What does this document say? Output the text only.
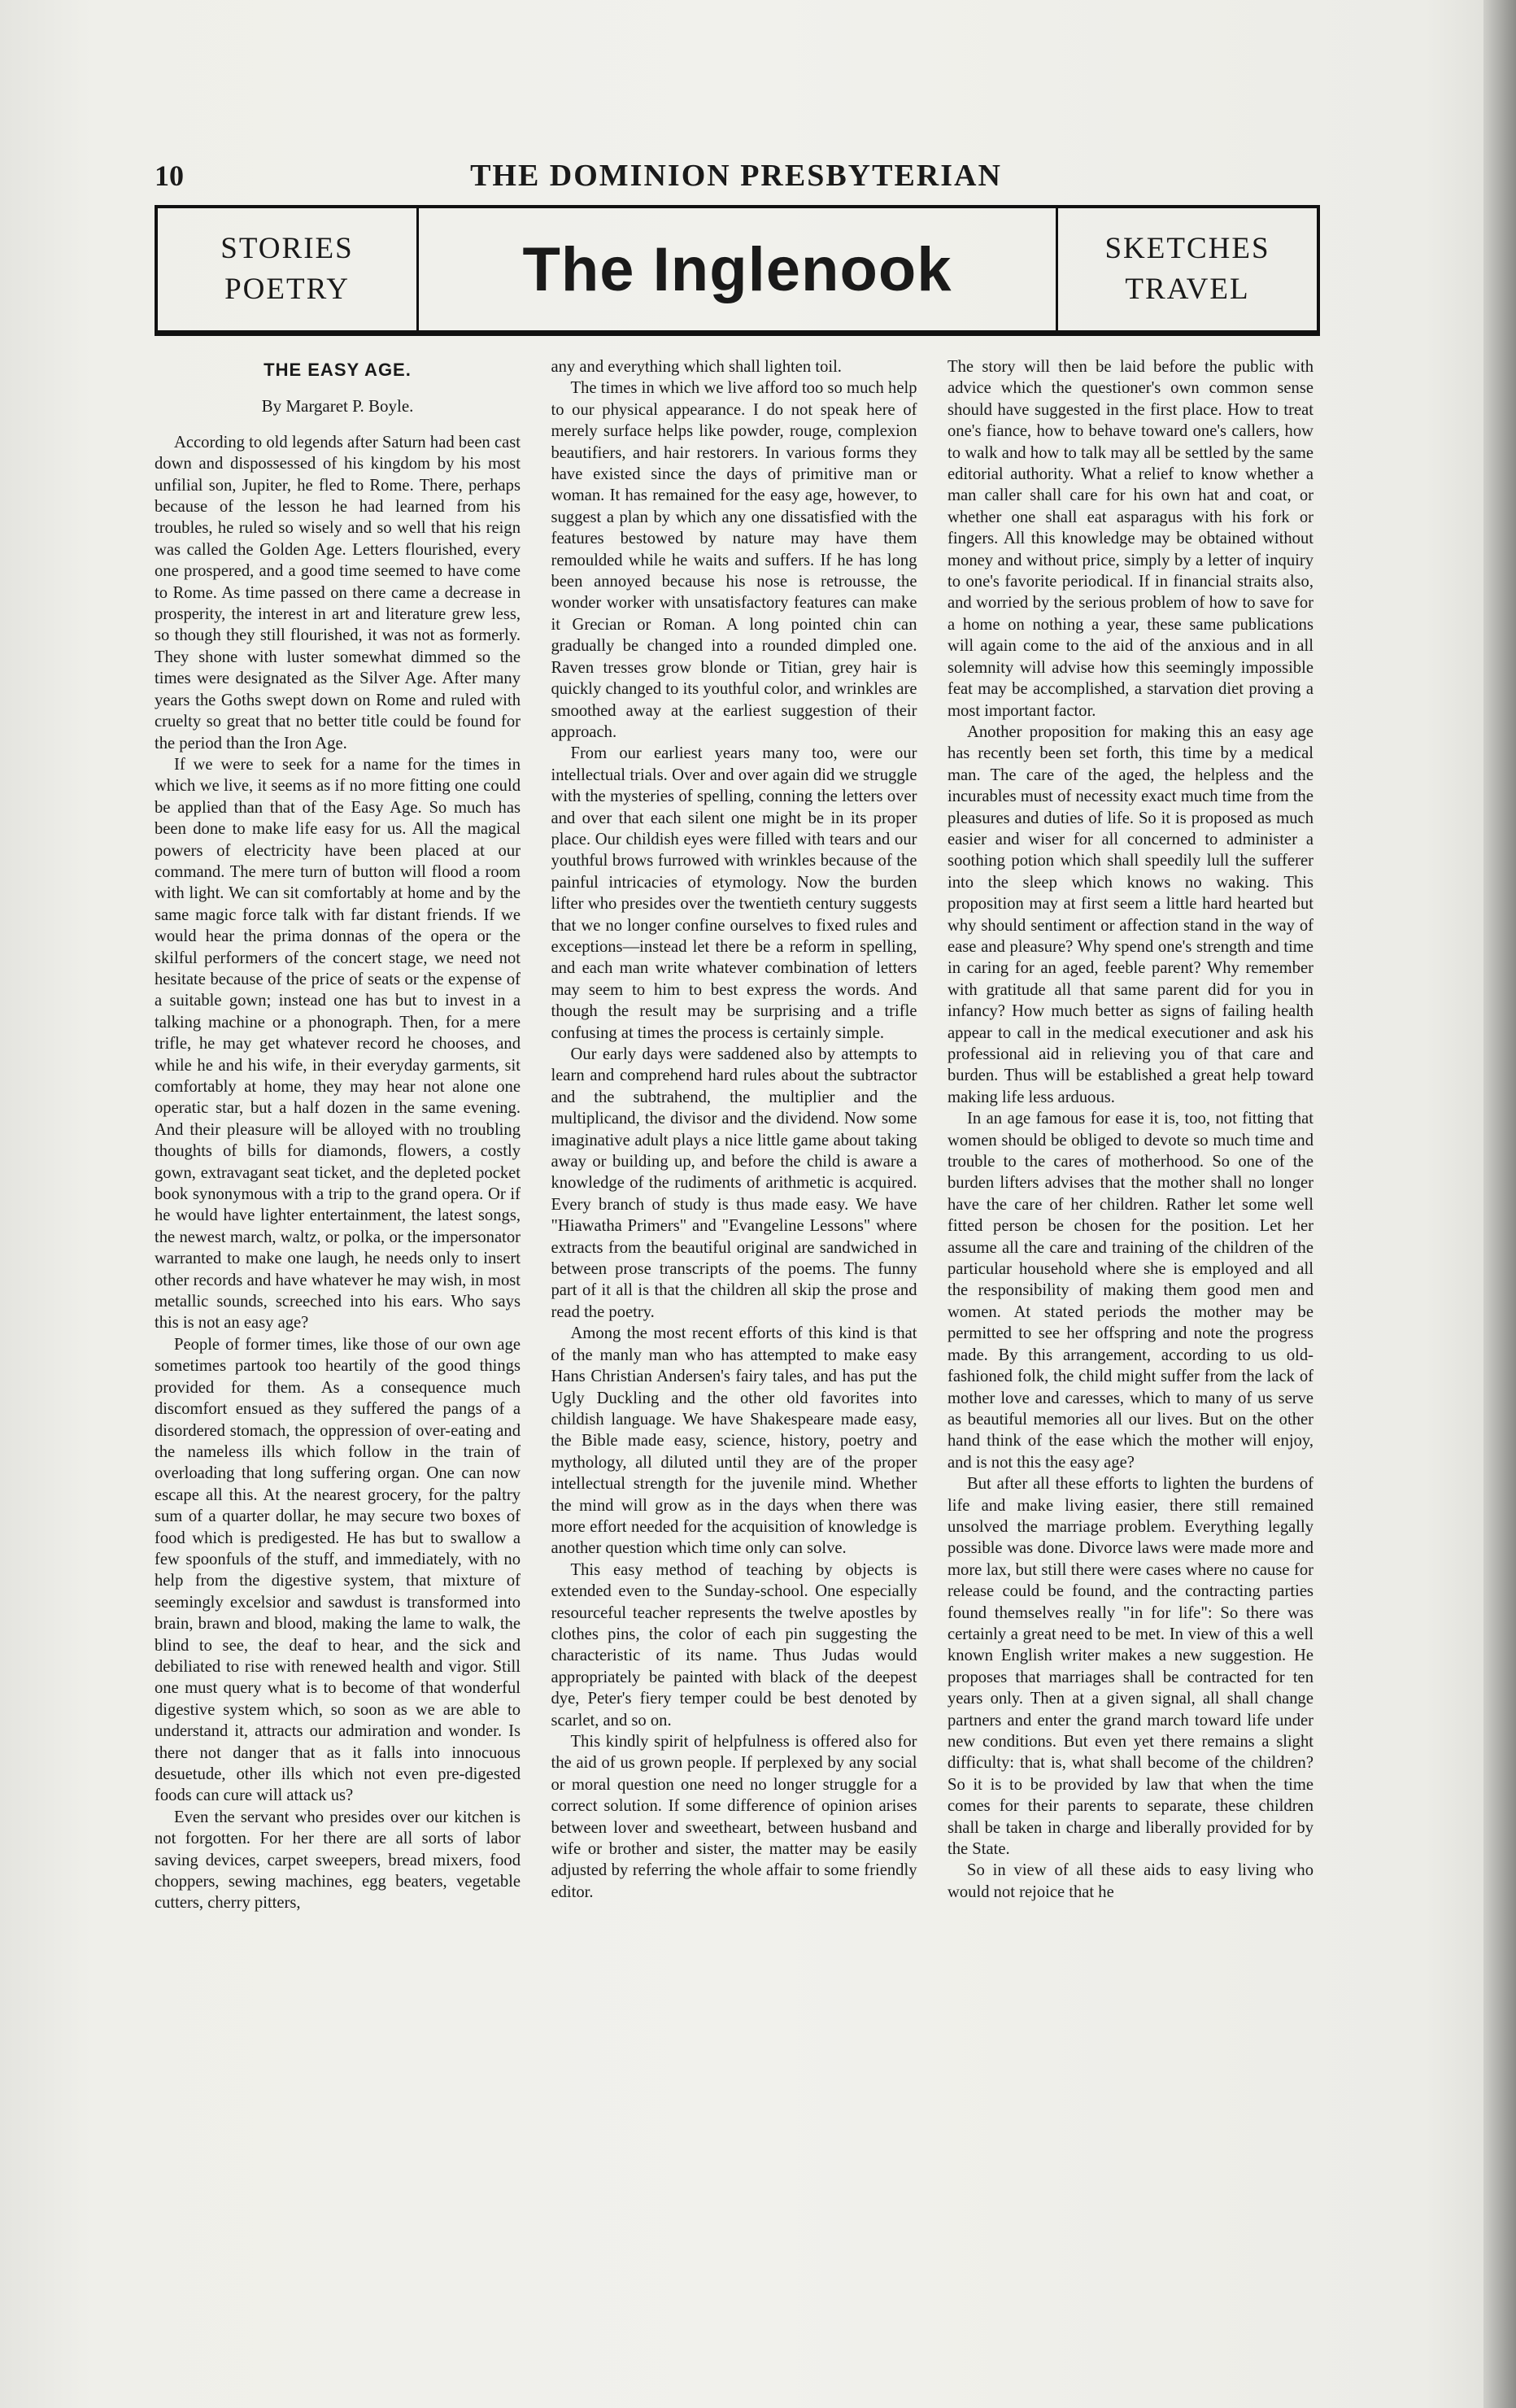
10	THE DOMINION PRESBYTERIAN
STORIES
POETRY	The Inglenook	SKETCHES
TRAVEL
THE EASY AGE.
By Margaret P. Boyle.

According to old legends after Saturn had been cast down and dispossessed of his kingdom by his most unfilial son, Jupiter, he fled to Rome. There, perhaps because of the lesson he had learned from his troubles, he ruled so wisely and so well that his reign was called the Golden Age. Letters flourished, every one prospered, and a good time seemed to have come to Rome. As time passed on there came a decrease in prosperity, the interest in art and literature grew less, so though they still flourished, it was not as formerly. They shone with luster somewhat dimmed so the times were designated as the Silver Age. After many years the Goths swept down on Rome and ruled with cruelty so great that no better title could be found for the period than the Iron Age.

If we were to seek for a name for the times in which we live, it seems as if no more fitting one could be applied than that of the Easy Age. So much has been done to make life easy for us. All the magical powers of electricity have been placed at our command. The mere turn of button will flood a room with light. We can sit comfortably at home and by the same magic force talk with far distant friends. If we would hear the prima donnas of the opera or the skilful performers of the concert stage, we need not hesitate because of the price of seats or the expense of a suitable gown; instead one has but to invest in a talking machine or a phonograph. Then, for a mere trifle, he may get whatever record he chooses, and while he and his wife, in their everyday garments, sit comfortably at home, they may hear not alone one operatic star, but a half dozen in the same evening. And their pleasure will be alloyed with no troubling thoughts of bills for diamonds, flowers, a costly gown, extravagant seat ticket, and the depleted pocket book synonymous with a trip to the grand opera. Or if he would have lighter entertainment, the latest songs, the newest march, waltz, or polka, or the impersonator warranted to make one laugh, he needs only to insert other records and have whatever he may wish, in most metallic sounds, screeched into his ears. Who says this is not an easy age?

People of former times, like those of our own age sometimes partook too heartily of the good things provided for them. As a consequence much discomfort ensued as they suffered the pangs of a disordered stomach, the oppression of over-eating and the nameless ills which follow in the train of overloading that long suffering organ. One can now escape all this. At the nearest grocery, for the paltry sum of a quarter dollar, he may secure two boxes of food which is predigested. He has but to swallow a few spoonfuls of the stuff, and immediately, with no help from the digestive system, that mixture of seemingly excelsior and sawdust is transformed into brain, brawn and blood, making the lame to walk, the blind to see, the deaf to hear, and the sick and debiliated to rise with renewed health and vigor. Still one must query what is to become of that wonderful digestive system which, so soon as we are able to understand it, attracts our admiration and wonder. Is there not danger that as it falls into innocuous desuetude, other ills which not even pre-digested foods can cure will attack us?

Even the servant who presides over our kitchen is not forgotten. For her there are all sorts of labor saving devices, carpet sweepers, bread mixers, food choppers, sewing machines, egg beaters, vegetable cutters, cherry pitters,

any and everything which shall lighten toil.

The times in which we live afford too so much help to our physical appearance. I do not speak here of merely surface helps like powder, rouge, complexion beautifiers, and hair restorers. In various forms they have existed since the days of primitive man or woman. It has remained for the easy age, however, to suggest a plan by which any one dissatisfied with the features bestowed by nature may have them remoulded while he waits and suffers. If he has long been annoyed because his nose is retrousse, the wonder worker with unsatisfactory features can make it Grecian or Roman. A long pointed chin can gradually be changed into a rounded dimpled one. Raven tresses grow blonde or Titian, grey hair is quickly changed to its youthful color, and wrinkles are smoothed away at the earliest suggestion of their approach.

From our earliest years many too, were our intellectual trials. Over and over again did we struggle with the mysteries of spelling, conning the letters over and over that each silent one might be in its proper place. Our childish eyes were filled with tears and our youthful brows furrowed with wrinkles because of the painful intricacies of etymology. Now the burden lifter who presides over the twentieth century suggests that we no longer confine ourselves to fixed rules and exceptions—instead let there be a reform in spelling, and each man write whatever combination of letters may seem to him to best express the words. And though the result may be surprising and a trifle confusing at times the process is certainly simple.

Our early days were saddened also by attempts to learn and comprehend hard rules about the subtractor and the subtrahend, the multiplier and the multiplicand, the divisor and the dividend. Now some imaginative adult plays a nice little game about taking away or building up, and before the child is aware a knowledge of the rudiments of arithmetic is acquired. Every branch of study is thus made easy. We have "Hiawatha Primers" and "Evangeline Lessons" where extracts from the beautiful original are sandwiched in between prose transcripts of the poems. The funny part of it all is that the children all skip the prose and read the poetry.

Among the most recent efforts of this kind is that of the manly man who has attempted to make easy Hans Christian Andersen's fairy tales, and has put the Ugly Duckling and the other old favorites into childish language. We have Shakespeare made easy, the Bible made easy, science, history, poetry and mythology, all diluted until they are of the proper intellectual strength for the juvenile mind. Whether the mind will grow as in the days when there was more effort needed for the acquisition of knowledge is another question which time only can solve.

This easy method of teaching by objects is extended even to the Sunday-school. One especially resourceful teacher represents the twelve apostles by clothes pins, the color of each pin suggesting the characteristic of its name. Thus Judas would appropriately be painted with black of the deepest dye, Peter's fiery temper could be best denoted by scarlet, and so on.

This kindly spirit of helpfulness is offered also for the aid of us grown people. If perplexed by any social or moral question one need no longer struggle for a correct solution. If some difference of opinion arises between lover and sweetheart, between husband and wife or brother and sister, the matter may be easily adjusted by referring the whole affair to some friendly editor.

The story will then be laid before the public with advice which the questioner's own common sense should have suggested in the first place. How to treat one's fiance, how to behave toward one's callers, how to walk and how to talk may all be settled by the same editorial authority. What a relief to know whether a man caller shall care for his own hat and coat, or whether one shall eat asparagus with his fork or fingers. All this knowledge may be obtained without money and without price, simply by a letter of inquiry to one's favorite periodical. If in financial straits also, and worried by the serious problem of how to save for a home on nothing a year, these same publications will again come to the aid of the anxious and in all solemnity will advise how this seemingly impossible feat may be accomplished, a starvation diet proving a most important factor.

Another proposition for making this an easy age has recently been set forth, this time by a medical man. The care of the aged, the helpless and the incurables must of necessity exact much time from the pleasures and duties of life. So it is proposed as much easier and wiser for all concerned to administer a soothing potion which shall speedily lull the sufferer into the sleep which knows no waking. This proposition may at first seem a little hard hearted but why should sentiment or affection stand in the way of ease and pleasure? Why spend one's strength and time in caring for an aged, feeble parent? Why remember with gratitude all that same parent did for you in infancy? How much better as signs of failing health appear to call in the medical executioner and ask his professional aid in relieving you of that care and burden. Thus will be established a great help toward making life less arduous.

In an age famous for ease it is, too, not fitting that women should be obliged to devote so much time and trouble to the cares of motherhood. So one of the burden lifters advises that the mother shall no longer have the care of her children. Rather let some well fitted person be chosen for the position. Let her assume all the care and training of the children of the particular household where she is employed and all the responsibility of making them good men and women. At stated periods the mother may be permitted to see her offspring and note the progress made. By this arrangement, according to us old-fashioned folk, the child might suffer from the lack of mother love and caresses, which to many of us serve as beautiful memories all our lives. But on the other hand think of the ease which the mother will enjoy, and is not this the easy age?

But after all these efforts to lighten the burdens of life and make living easier, there still remained unsolved the marriage problem. Everything legally possible was done. Divorce laws were made more and more lax, but still there were cases where no cause for release could be found, and the contracting parties found themselves really "in for life": So there was certainly a great need to be met. In view of this a well known English writer makes a new suggestion. He proposes that marriages shall be contracted for ten years only. Then at a given signal, all shall change partners and enter the grand march toward life under new conditions. But even yet there remains a slight difficulty: that is, what shall become of the children? So it is to be provided by law that when the time comes for their parents to separate, these children shall be taken in charge and liberally provided for by the State.

So in view of all these aids to easy living who would not rejoice that he
